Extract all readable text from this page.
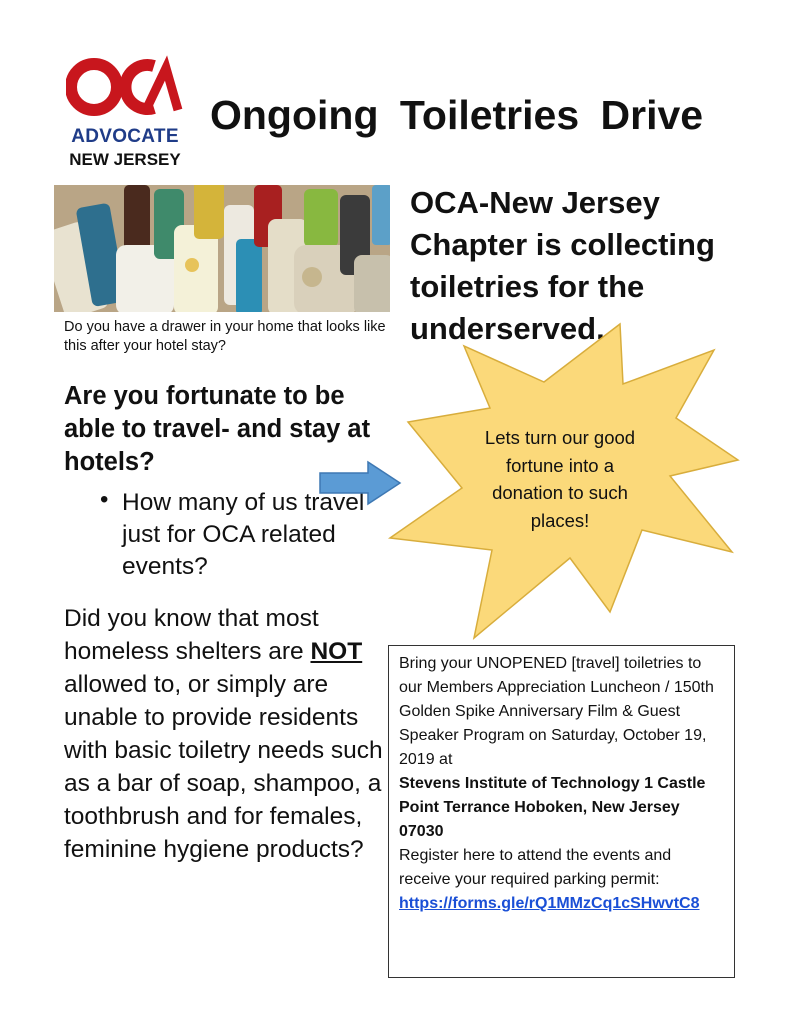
ADVOCATE
NEW JERSEY
Ongoing Toiletries Drive
Do you have a drawer in your home that looks like this after your hotel stay?
OCA-New Jersey Chapter is collecting toiletries for the underserved.
Are you fortunate to be able to travel- and stay at hotels?
• How many of us travel just for OCA related events?
Lets turn our good fortune into a donation to such places!
Did you know that most homeless shelters are NOT allowed to, or simply are unable to provide residents with basic toiletry needs such as a bar of soap, shampoo, a toothbrush and for females, feminine hygiene products?
Bring your UNOPENED [travel] toiletries to our Members Appreciation Luncheon / 150th Golden Spike Anniversary Film & Guest Speaker Program on Saturday, October 19, 2019 at
Stevens Institute of Technology 1 Castle Point Terrance Hoboken, New Jersey 07030
Register here to attend the events and receive your required parking permit:
https://forms.gle/rQ1MMzCq1cSHwvtC8
